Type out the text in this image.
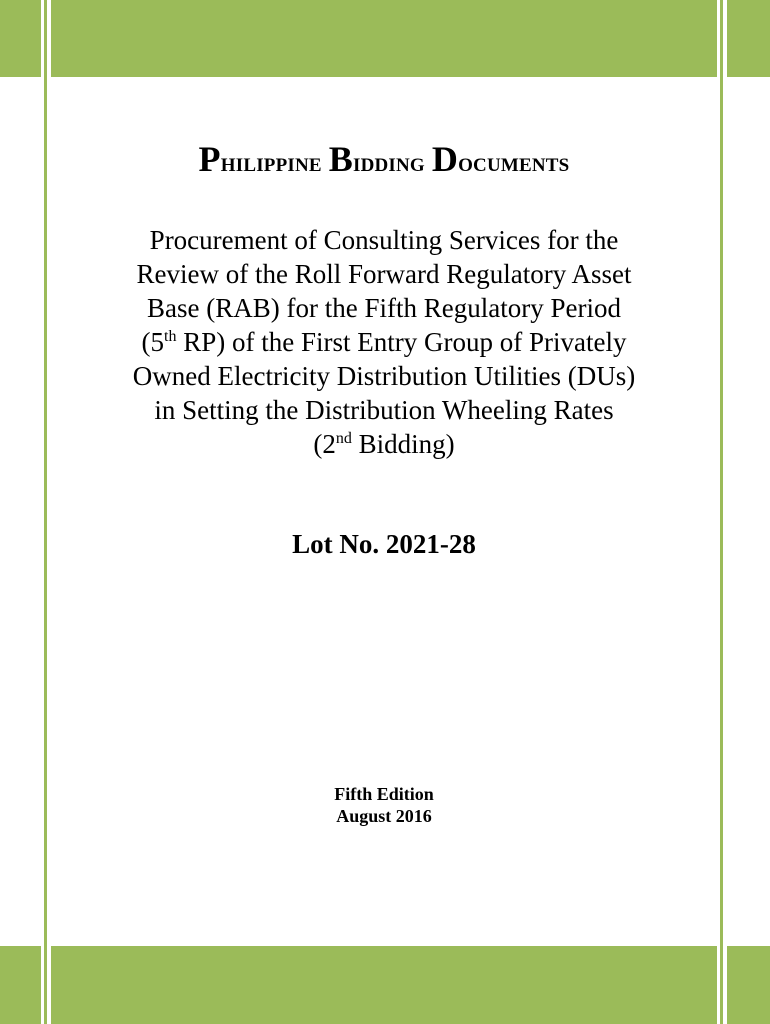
Philippine Bidding Documents
Procurement of Consulting Services for the
Review of the Roll Forward Regulatory Asset
Base (RAB) for the Fifth Regulatory Period
(5th RP) of the First Entry Group of Privately
Owned Electricity Distribution Utilities (DUs)
in Setting the Distribution Wheeling Rates
(2nd Bidding)
Lot No. 2021-28
Fifth Edition
August 2016
